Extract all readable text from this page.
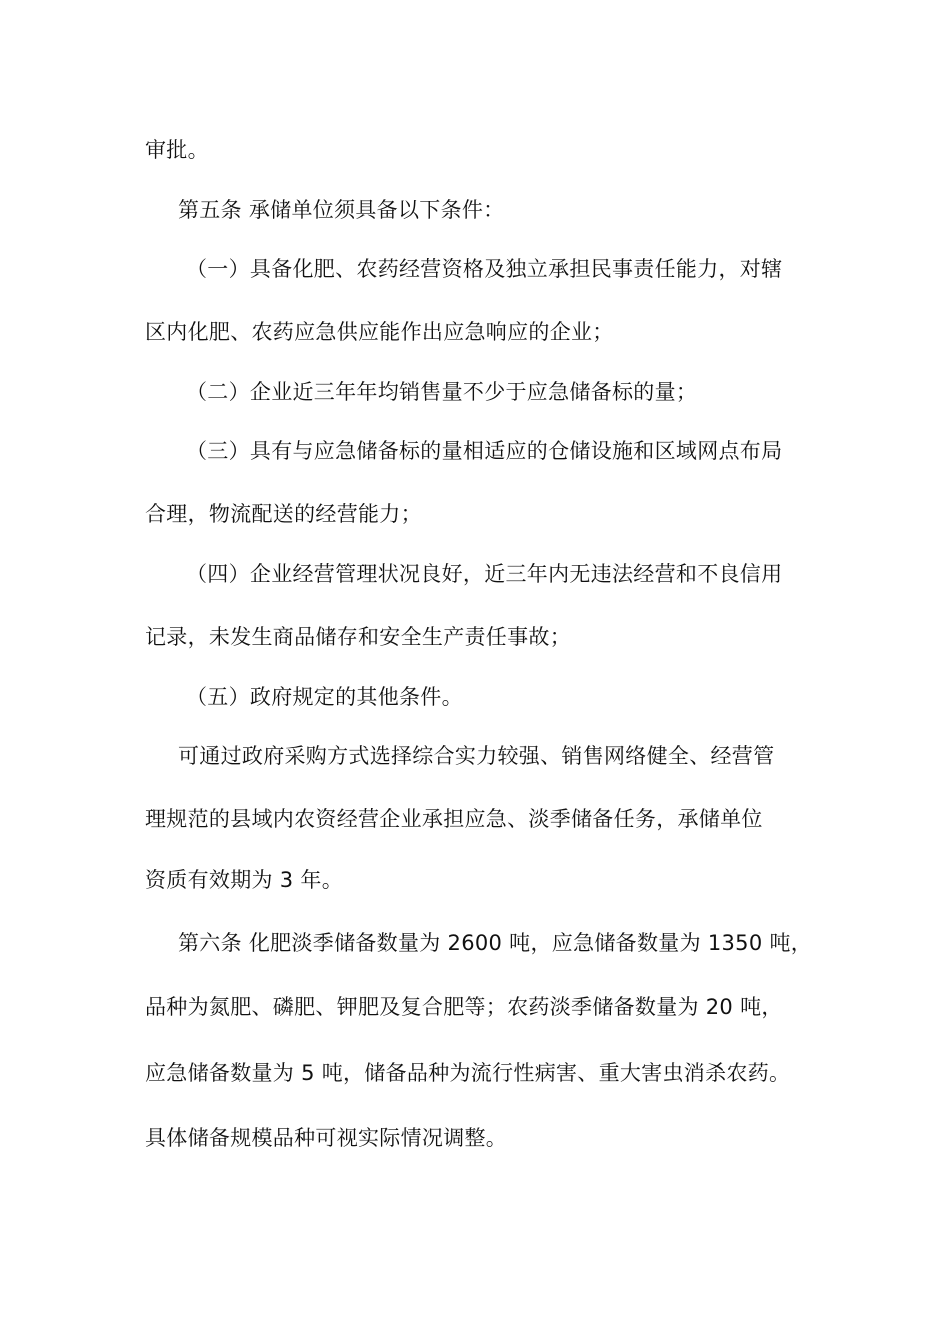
审批。
第五条 承储单位须具备以下条件：
（一）具备化肥、农药经营资格及独立承担民事责任能力，对辖
区内化肥、农药应急供应能作出应急响应的企业；
（二）企业近三年年均销售量不少于应急储备标的量；
（三）具有与应急储备标的量相适应的仓储设施和区域网点布局
合理，物流配送的经营能力；
（四）企业经营管理状况良好，近三年内无违法经营和不良信用
记录，未发生商品储存和安全生产责任事故；
（五）政府规定的其他条件。
可通过政府采购方式选择综合实力较强、销售网络健全、经营管
理规范的县域内农资经营企业承担应急、淡季储备任务，承储单位
资质有效期为 3 年。
第六条 化肥淡季储备数量为 2600 吨，应急储备数量为 1350 吨，
品种为氮肥、磷肥、钾肥及复合肥等；农药淡季储备数量为 20 吨，
应急储备数量为 5 吨，储备品种为流行性病害、重大害虫消杀农药。
具体储备规模品种可视实际情况调整。
